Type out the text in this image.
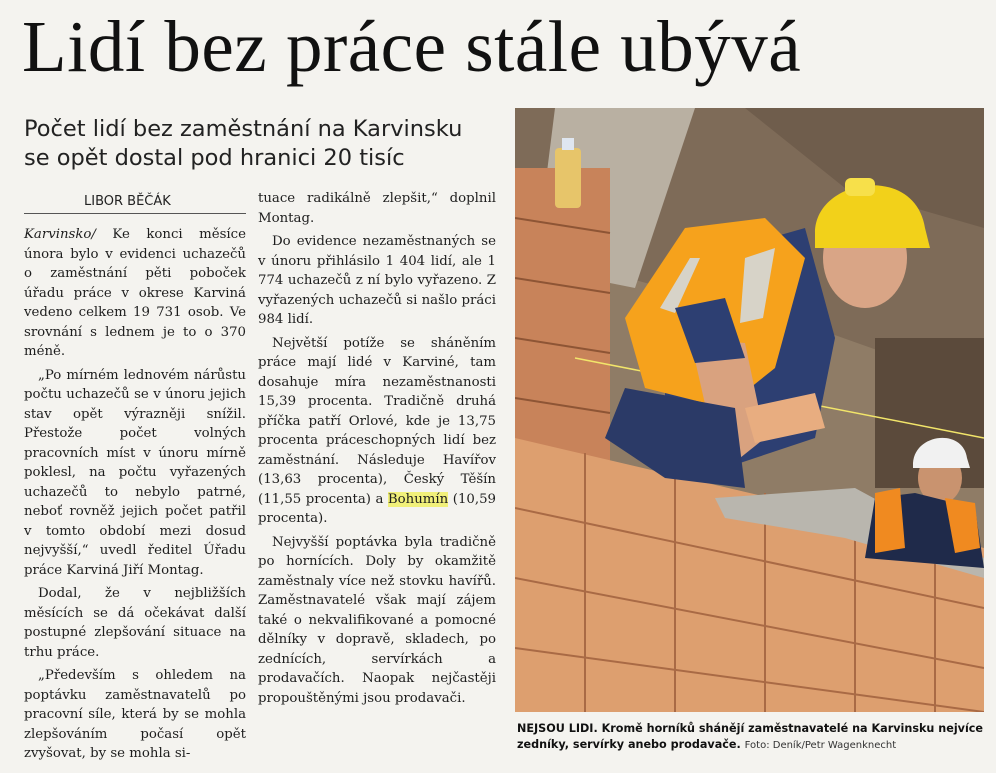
Lidí bez práce stále ubývá
Počet lidí bez zaměstnání na Karvinsku
se opět dostal pod hranici 20 tisíc
LIBOR BĚČÁK

Karvinsko/ Ke konci měsíce února bylo v evidenci uchazečů o zaměstnání pěti poboček úřadu práce v okrese Karviná vedeno celkem 19 731 osob. Ve srovnání s lednem je to o 370 méně.

„Po mírném lednovém nárůstu počtu uchazečů se v únoru jejich stav opět výrazněji snížil. Přestože počet volných pracovních míst v únoru mírně poklesl, na počtu vyřazených uchazečů to nebylo patrné, neboť rovněž jejich počet patřil v tomto období mezi dosud nejvyšší,“ uvedl ředitel Úřadu práce Karviná Jiří Montag.

Dodal, že v nejbližších měsících se dá očekávat další postupné zlepšování situace na trhu práce.

„Především s ohledem na poptávku zaměstnavatelů po pracovní síle, která by se mohla zlepšováním počasí opět zvyšovat, by se mohla si-

tuace radikálně zlepšit,“ doplnil Montag.

Do evidence nezaměstnaných se v únoru přihlásilo 1 404 lidí, ale 1 774 uchazečů z ní bylo vyřazeno. Z vyřazených uchazečů si našlo práci 984 lidí.

Největší potíže se sháněním práce mají lidé v Karviné, tam dosahuje míra nezaměstnanosti 15,39 procenta. Tradičně druhá příčka patří Orlové, kde je 13,75 procenta práceschopných lidí bez zaměstnání. Následuje Havířov (13,63 procenta), Český Těšín (11,55 procenta) a Bohumín (10,59 procenta).

Nejvyšší poptávka byla tradičně po hornících. Doly by okamžitě zaměstnaly více než stovku havířů. Zaměstnavatelé však mají zájem také o nekvalifikované a pomocné dělníky v dopravě, skladech, po zednících, servírkách a prodavačích. Naopak nejčastěji propouštěnými jsou prodavači.

NEJSOU LIDI. Kromě horníků shánějí zaměstnavatelé na Karvinsku nejvíce zedníky, servírky anebo prodavače. Foto: Deník/Petr Wagenknecht
